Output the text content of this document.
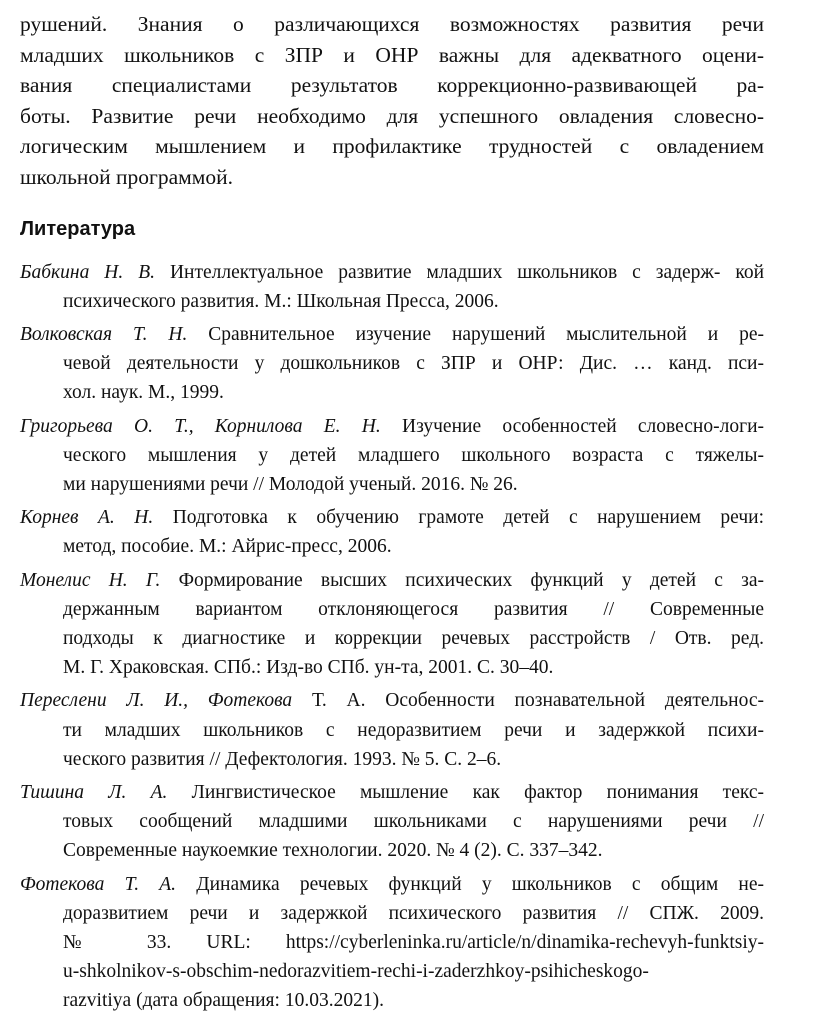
рушений. Знания о различающихся возможностях развития речи
младших школьников с ЗПР и ОНР важны для адекватного оцени-
вания специалистами результатов коррекционно-развивающей ра-
боты. Развитие речи необходимо для успешного овладения словесно-
логическим мышлением и профилактике трудностей с овладением
школьной программой.
Литература
Бабкина Н. В. Интеллектуальное развитие младших школьников с задерж- кой
психического развития. М.: Школьная Пресса, 2006.
Волковская Т. Н. Сравнительное изучение нарушений мыслительной и ре-
чевой деятельности у дошкольников с ЗПР и ОНР: Дис. … канд. пси-
хол. наук. М., 1999.
Григорьева О. Т., Корнилова Е. Н. Изучение особенностей словесно-логи-
ческого мышления у детей младшего школьного возраста с тяжелы-
ми нарушениями речи // Молодой ученый. 2016. № 26.
Корнев А. Н. Подготовка к обучению грамоте детей с нарушением речи:
метод, пособие. М.: Айрис-пресс, 2006.
Монелис Н. Г. Формирование высших психических функций у детей с за-
держанным вариантом отклоняющегося развития // Современные
подходы к диагностике и коррекции речевых расстройств / Отв. ред.
М. Г. Храковская. СПб.: Изд-во СПб. ун-та, 2001. С. 30–40.
Переслени Л. И., Фотекова Т. А. Особенности познавательной деятельнос-
ти младших школьников с недоразвитием речи и задержкой психи-
ческого развития // Дефектология. 1993. № 5. С. 2–6.
Тишина Л. А. Лингвистическое мышление как фактор понимания текс-
товых сообщений младшими школьниками с нарушениями речи //
Современные наукоемкие технологии. 2020. № 4 (2). С. 337–342.
Фотекова Т. А. Динамика речевых функций у школьников с общим не-
доразвитием речи и задержкой психического развития // СПЖ. 2009.
№ 33. URL: https://cyberleninka.ru/article/n/dinamika-rechevyh-funktsiy-
u-shkolnikov-s-obschim-nedorazvitiem-rechi-i-zaderzhkoy-psihicheskogo-
razvitiya (дата обращения: 10.03.2021).
